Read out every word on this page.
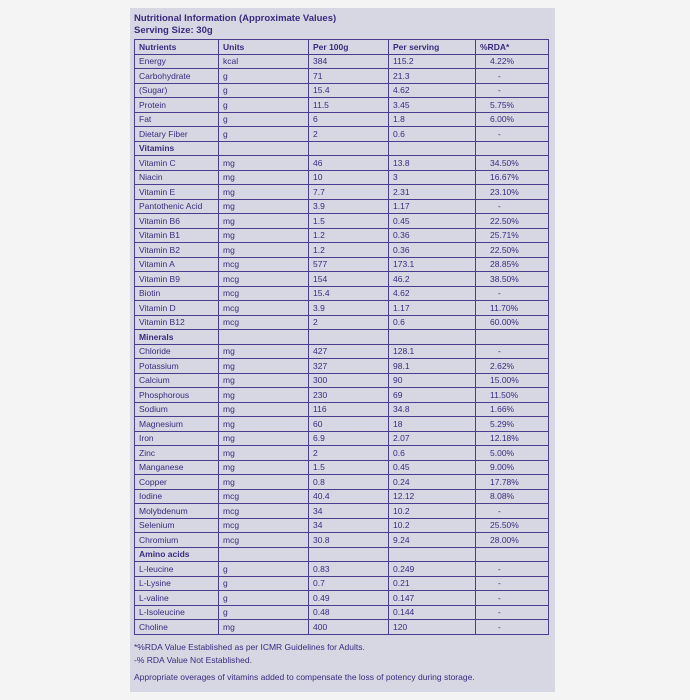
Nutritional Information (Approximate Values)
Serving Size: 30g
Nutrients	Units	Per 100g	Per serving	%RDA*
Energy	kcal	384	115.2	4.22%
Carbohydrate	g	71	21.3	-
(Sugar)	g	15.4	4.62	-
Protein	g	11.5	3.45	5.75%
Fat	g	6	1.8	6.00%
Dietary Fiber	g	2	0.6	-
Vitamins				
Vitamin C	mg	46	13.8	34.50%
Niacin	mg	10	3	16.67%
Vitamin E	mg	7.7	2.31	23.10%
Pantothenic Acid	mg	3.9	1.17	-
Vitamin B6	mg	1.5	0.45	22.50%
Vitamin B1	mg	1.2	0.36	25.71%
Vitamin B2	mg	1.2	0.36	22.50%
Vitamin A	mcg	577	173.1	28.85%
Vitamin B9	mcg	154	46.2	38.50%
Biotin	mcg	15.4	4.62	-
Vitamin D	mcg	3.9	1.17	11.70%
Vitamin B12	mcg	2	0.6	60.00%
Minerals				
Chloride	mg	427	128.1	-
Potassium	mg	327	98.1	2.62%
Calcium	mg	300	90	15.00%
Phosphorous	mg	230	69	11.50%
Sodium	mg	116	34.8	1.66%
Magnesium	mg	60	18	5.29%
Iron	mg	6.9	2.07	12.18%
Zinc	mg	2	0.6	5.00%
Manganese	mg	1.5	0.45	9.00%
Copper	mg	0.8	0.24	17.78%
Iodine	mcg	40.4	12.12	8.08%
Molybdenum	mcg	34	10.2	-
Selenium	mcg	34	10.2	25.50%
Chromium	mcg	30.8	9.24	28.00%
Amino acids				
L-leucine	g	0.83	0.249	-
L-Lysine	g	0.7	0.21	-
L-valine	g	0.49	0.147	-
L-Isoleucine	g	0.48	0.144	-
Choline	mg	400	120	-
*%RDA Value Established as per ICMR Guidelines for Adults.
-% RDA Value Not Established.
Appropriate overages of vitamins added to compensate the loss of potency during storage.
